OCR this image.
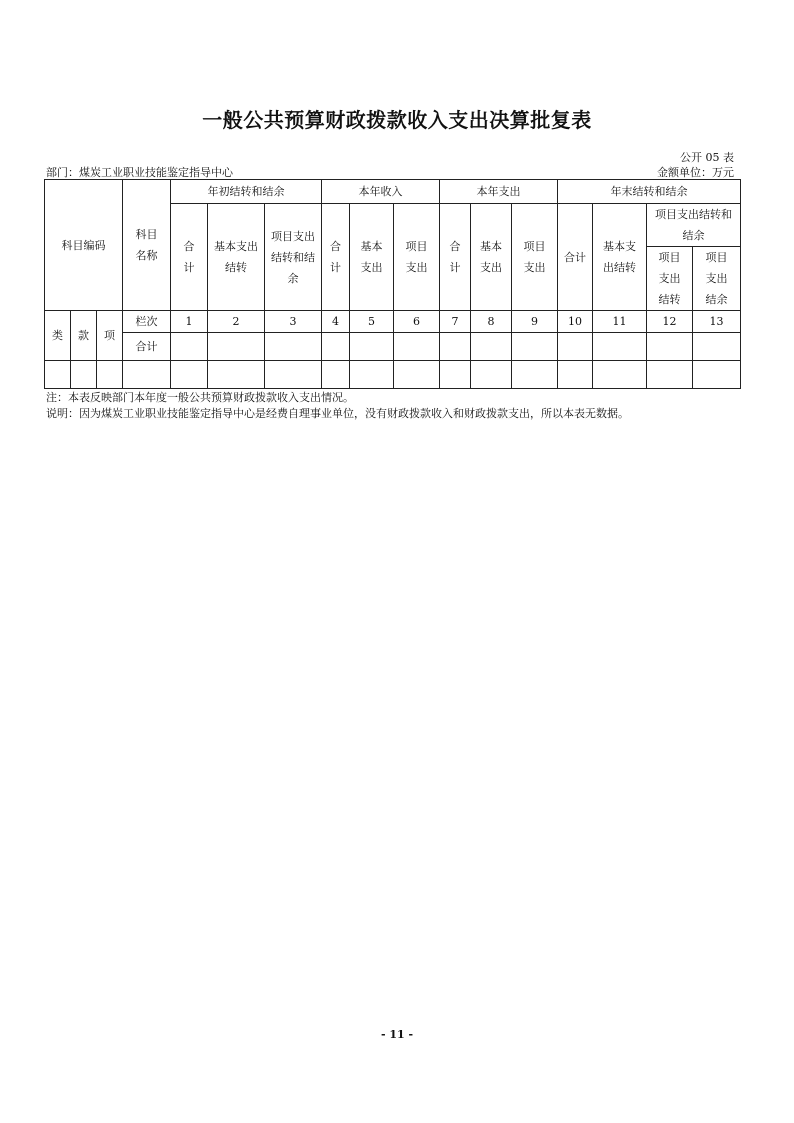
一般公共预算财政拨款收入支出决算批复表
公开 05 表
部门：煤炭工业职业技能鉴定指导中心	金额单位：万元
科目编码			科目名称	年初结转和结余			本年收入			本年支出			年末结转和结余			
				合计	基本支出结转	项目支出结转和结余	合计	基本支出	项目支出	合计	基本支出	项目支出	合计	基本支出结转	项目支出结转和结余	
															项目支出结转	项目支出结余
类	款	项	栏次	1	2	3	4	5	6	7	8	9	10	11	12	13
			合计													

注：本表反映部门本年度一般公共预算财政拨款收入支出情况。
说明：因为煤炭工业职业技能鉴定指导中心是经费自理事业单位，没有财政拨款收入和财政拨款支出，所以本表无数据。
- 11 -
